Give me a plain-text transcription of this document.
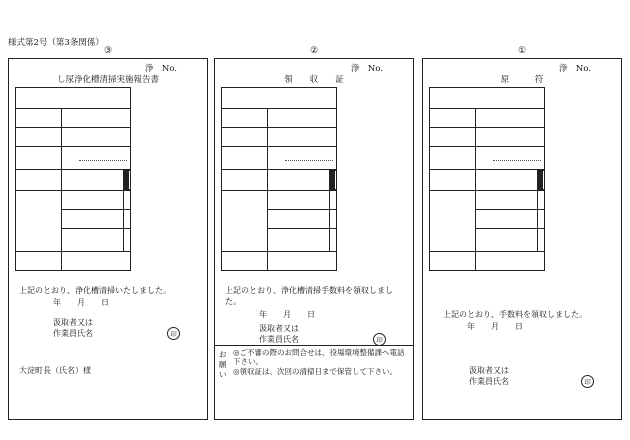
様式第2号（第3条関係）
③
浄　No.
し尿浄化槽清掃実施報告書

上記のとおり、浄化槽清掃いたしました。
年　　月　　日
汲取者又は
作業員氏名	印
大淀町長（氏名）様
②
浄　No.
領　　収　　証

上記のとおり、浄化槽清掃手数料を領収しました。
年　　月　　日
汲取者又は
作業員氏名	印
お願い
◎ご不審の際のお問合せは、役場環境整備課へ電話下さい。
◎領収証は、次回の清掃日まで保管して下さい。
①
浄　No.
原　　　符

上記のとおり、手数料を領収しました。
年　　月　　日
汲取者又は
作業員氏名	印
